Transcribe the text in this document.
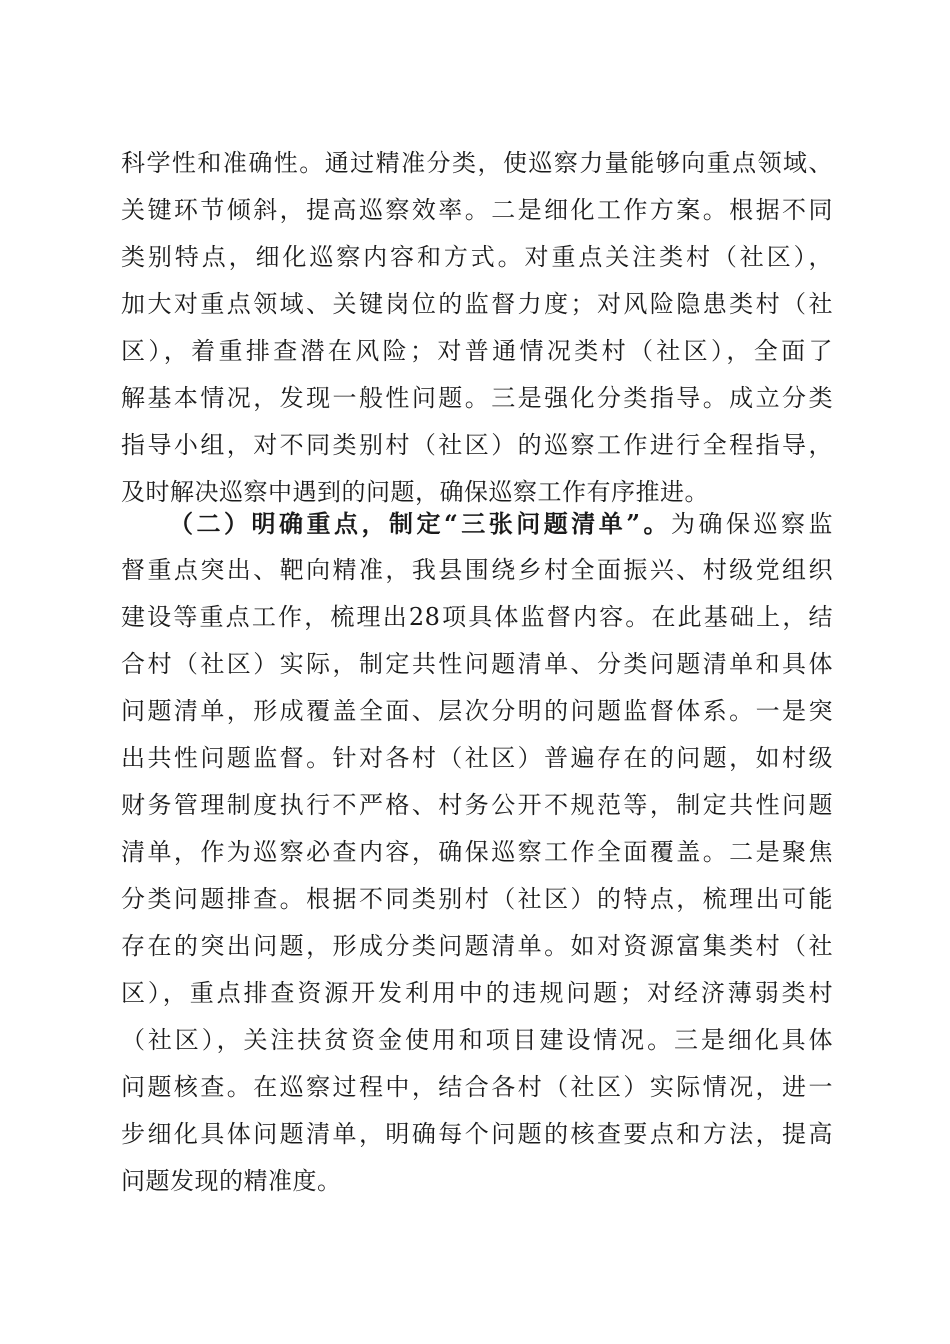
科学性和准确性。通过精准分类，使巡察力量能够向重点领域、
关键环节倾斜，提高巡察效率。二是细化工作方案。根据不同
类别特点，细化巡察内容和方式。对重点关注类村（社区），
加大对重点领域、关键岗位的监督力度；对风险隐患类村（社
区），着重排查潜在风险；对普通情况类村（社区），全面了
解基本情况，发现一般性问题。三是强化分类指导。成立分类
指导小组，对不同类别村（社区）的巡察工作进行全程指导，
及时解决巡察中遇到的问题，确保巡察工作有序推进。
（二）明确重点，制定“三张问题清单”。为确保巡察监
督重点突出、靶向精准，我县围绕乡村全面振兴、村级党组织
建设等重点工作，梳理出28项具体监督内容。在此基础上，结
合村（社区）实际，制定共性问题清单、分类问题清单和具体
问题清单，形成覆盖全面、层次分明的问题监督体系。一是突
出共性问题监督。针对各村（社区）普遍存在的问题，如村级
财务管理制度执行不严格、村务公开不规范等，制定共性问题
清单，作为巡察必查内容，确保巡察工作全面覆盖。二是聚焦
分类问题排查。根据不同类别村（社区）的特点，梳理出可能
存在的突出问题，形成分类问题清单。如对资源富集类村（社
区），重点排查资源开发利用中的违规问题；对经济薄弱类村
（社区），关注扶贫资金使用和项目建设情况。三是细化具体
问题核查。在巡察过程中，结合各村（社区）实际情况，进一
步细化具体问题清单，明确每个问题的核查要点和方法，提高
问题发现的精准度。
